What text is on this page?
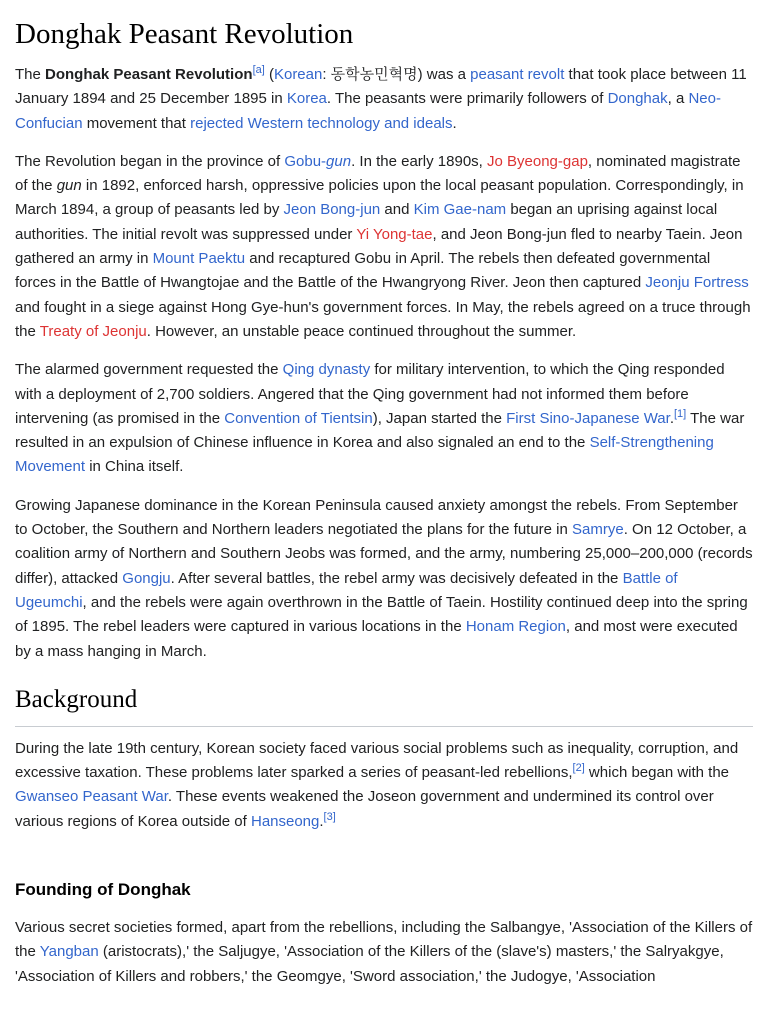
Donghak Peasant Revolution

The Donghak Peasant Revolution[a] (Korean: 동학농민혁명) was a peasant revolt that took place between 11 January 1894 and 25 December 1895 in Korea. The peasants were primarily followers of Donghak, a Neo-Confucian movement that rejected Western technology and ideals.

The Revolution began in the province of Gobu-gun. In the early 1890s, Jo Byeong-gap, nominated magistrate of the gun in 1892, enforced harsh, oppressive policies upon the local peasant population. Correspondingly, in March 1894, a group of peasants led by Jeon Bong-jun and Kim Gae-nam began an uprising against local authorities. The initial revolt was suppressed under Yi Yong-tae, and Jeon Bong-jun fled to nearby Taein. Jeon gathered an army in Mount Paektu and recaptured Gobu in April. The rebels then defeated governmental forces in the Battle of Hwangtojae and the Battle of the Hwangryong River. Jeon then captured Jeonju Fortress and fought in a siege against Hong Gye-hun's government forces. In May, the rebels agreed on a truce through the Treaty of Jeonju. However, an unstable peace continued throughout the summer.

The alarmed government requested the Qing dynasty for military intervention, to which the Qing responded with a deployment of 2,700 soldiers. Angered that the Qing government had not informed them before intervening (as promised in the Convention of Tientsin), Japan started the First Sino-Japanese War.[1] The war resulted in an expulsion of Chinese influence in Korea and also signaled an end to the Self-Strengthening Movement in China itself.

Growing Japanese dominance in the Korean Peninsula caused anxiety amongst the rebels. From September to October, the Southern and Northern leaders negotiated the plans for the future in Samrye. On 12 October, a coalition army of Northern and Southern Jeobs was formed, and the army, numbering 25,000–200,000 (records differ), attacked Gongju. After several battles, the rebel army was decisively defeated in the Battle of Ugeumchi, and the rebels were again overthrown in the Battle of Taein. Hostility continued deep into the spring of 1895. The rebel leaders were captured in various locations in the Honam Region, and most were executed by a mass hanging in March.

Background

During the late 19th century, Korean society faced various social problems such as inequality, corruption, and excessive taxation. These problems later sparked a series of peasant-led rebellions,[2] which began with the Gwanseo Peasant War. These events weakened the Joseon government and undermined its control over various regions of Korea outside of Hanseong.[3]

Founding of Donghak

Various secret societies formed, apart from the rebellions, including the Salbangye, 'Association of the Killers of the Yangban (aristocrats),' the Saljugye, 'Association of the Killers of the (slave's) masters,' the Salryakgye, 'Association of Killers and robbers,' the Geomgye, 'Sword association,' the Judogye, 'Association
